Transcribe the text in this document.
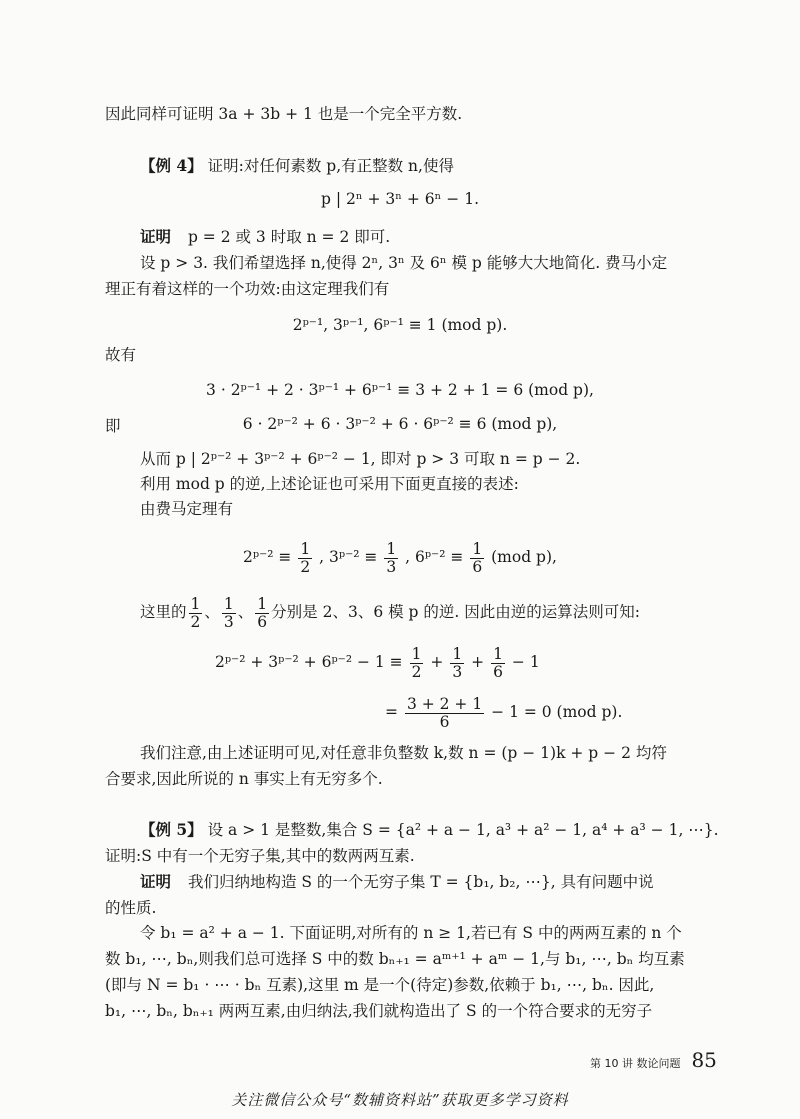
因此同样可证明 3a + 3b + 1 也是一个完全平方数.
【例 4】 证明:对任何素数 p,有正整数 n,使得
p | 2ⁿ + 3ⁿ + 6ⁿ − 1.
证明 p = 2 或 3 时取 n = 2 即可.
设 p > 3. 我们希望选择 n,使得 2ⁿ, 3ⁿ 及 6ⁿ 模 p 能够大大地简化. 费马小定
理正有着这样的一个功效:由这定理我们有
2ᵖ⁻¹, 3ᵖ⁻¹, 6ᵖ⁻¹ ≡ 1 (mod p).
故有
3 · 2ᵖ⁻¹ + 2 · 3ᵖ⁻¹ + 6ᵖ⁻¹ ≡ 3 + 2 + 1 = 6 (mod p),
即	6 · 2ᵖ⁻² + 6 · 3ᵖ⁻² + 6 · 6ᵖ⁻² ≡ 6 (mod p),
从而 p | 2ᵖ⁻² + 3ᵖ⁻² + 6ᵖ⁻² − 1, 即对 p > 3 可取 n = p − 2.
利用 mod p 的逆,上述论证也可采用下面更直接的表述:
由费马定理有
2ᵖ⁻² ≡ $\frac{1}{2}$ , 3ᵖ⁻² ≡ $\frac{1}{3}$ , 6ᵖ⁻² ≡ $\frac{1}{6} (mod$ p),
这里的 $\frac{1}{2}$ 、 $\frac{1}{3}$ 、 $\frac{1}{6}$ 分别是 2、3、6 模 p 的逆. 因此由逆的运算法则可知:
2ᵖ⁻² + 3ᵖ⁻² + 6ᵖ⁻² − $1 \equiv \frac{1}{2} + \frac{1}{3} + \frac{1}{6} - 1$
= $\frac{3 + 2 + 1}{6} - 1 = 0$ (mod p).
我们注意,由上述证明可见,对任意非负整数 k,数 n = (p − 1)k + p − 2 均符
合要求,因此所说的 n 事实上有无穷多个.
【例 5】 设 a > 1 是整数,集合 S = {a² + a − 1, a³ + a² − 1, a⁴ + a³ − 1, ⋯}.
证明:S 中有一个无穷子集,其中的数两两互素.
证明 我们归纳地构造 S 的一个无穷子集 T = {b₁, b₂, ⋯}, 具有问题中说
的性质.
令 b₁ = a² + a − 1. 下面证明,对所有的 n ≥ 1,若已有 S 中的两两互素的 n 个
数 b₁, ⋯, bₙ,则我们总可选择 S 中的数 bₙ₊₁ = aᵐ⁺¹ + aᵐ − 1,与 b₁, ⋯, bₙ 均互素
(即与 N = b₁ · ⋯ · bₙ 互素),这里 m 是一个(待定)参数,依赖于 b₁, ⋯, bₙ. 因此,
b₁, ⋯, bₙ, bₙ₊₁ 两两互素,由归纳法,我们就构造出了 S 的一个符合要求的无穷子
第 10 讲 数论问题 85
关注微信公众号“数辅资料站”获取更多学习资料
